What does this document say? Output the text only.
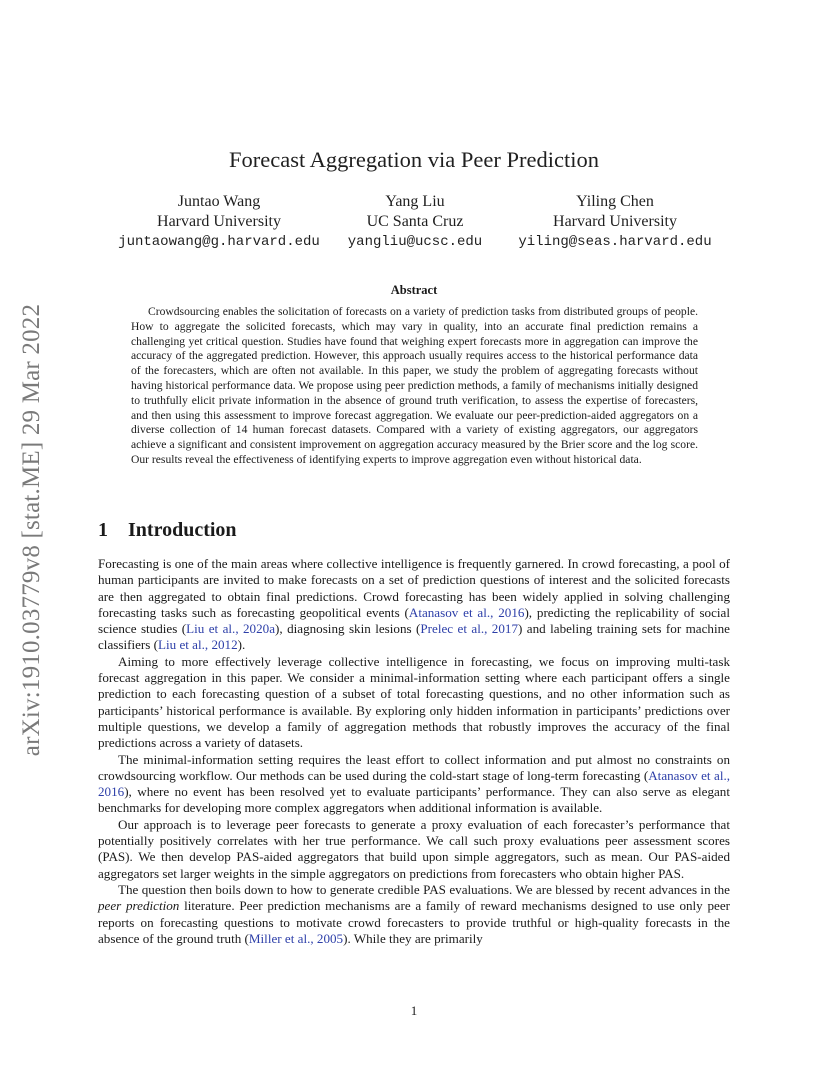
arXiv:1910.03779v8 [stat.ME] 29 Mar 2022
Forecast Aggregation via Peer Prediction
Juntao Wang
Harvard University
juntaowang@g.harvard.edu
Yang Liu
UC Santa Cruz
yangliu@ucsc.edu
Yiling Chen
Harvard University
yiling@seas.harvard.edu
Abstract

Crowdsourcing enables the solicitation of forecasts on a variety of prediction tasks from distributed groups of people. How to aggregate the solicited forecasts, which may vary in quality, into an accurate final prediction remains a challenging yet critical question. Studies have found that weighing expert forecasts more in aggregation can improve the accuracy of the aggregated prediction. However, this approach usually requires access to the historical performance data of the forecasters, which are often not available. In this paper, we study the problem of aggregating forecasts without having historical performance data. We propose using peer prediction methods, a family of mechanisms initially designed to truthfully elicit private information in the absence of ground truth verification, to assess the expertise of forecasters, and then using this assessment to improve forecast aggregation. We evaluate our peer-prediction-aided aggregators on a diverse collection of 14 human forecast datasets. Compared with a variety of existing aggregators, our aggregators achieve a significant and consistent improvement on aggregation accuracy measured by the Brier score and the log score. Our results reveal the effectiveness of identifying experts to improve aggregation even without historical data.

1 Introduction

Forecasting is one of the main areas where collective intelligence is frequently garnered. In crowd forecasting, a pool of human participants are invited to make forecasts on a set of prediction questions of interest and the solicited forecasts are then aggregated to obtain final predictions. Crowd forecasting has been widely applied in solving challenging forecasting tasks such as forecasting geopolitical events (Atanasov et al., 2016), predicting the replicability of social science studies (Liu et al., 2020a), diagnosing skin lesions (Prelec et al., 2017) and labeling training sets for machine classifiers (Liu et al., 2012).

Aiming to more effectively leverage collective intelligence in forecasting, we focus on improving multi-task forecast aggregation in this paper. We consider a minimal-information setting where each participant offers a single prediction to each forecasting question of a subset of total forecasting questions, and no other information such as participants’ historical performance is available. By exploring only hidden information in participants’ predictions over multiple questions, we develop a family of aggregation methods that robustly improves the accuracy of the final predictions across a variety of datasets.

The minimal-information setting requires the least effort to collect information and put almost no constraints on crowdsourcing workflow. Our methods can be used during the cold-start stage of long-term forecasting (Atanasov et al., 2016), where no event has been resolved yet to evaluate participants’ performance. They can also serve as elegant benchmarks for developing more complex aggregators when additional information is available.

Our approach is to leverage peer forecasts to generate a proxy evaluation of each forecaster’s performance that potentially positively correlates with her true performance. We call such proxy evaluations peer assessment scores (PAS). We then develop PAS-aided aggregators that build upon simple aggregators, such as mean. Our PAS-aided aggregators set larger weights in the simple aggregators on predictions from forecasters who obtain higher PAS.

The question then boils down to how to generate credible PAS evaluations. We are blessed by recent advances in the peer prediction literature. Peer prediction mechanisms are a family of reward mechanisms designed to use only peer reports on forecasting questions to motivate crowd forecasters to provide truthful or high-quality forecasts in the absence of the ground truth (Miller et al., 2005). While they are primarily

1
